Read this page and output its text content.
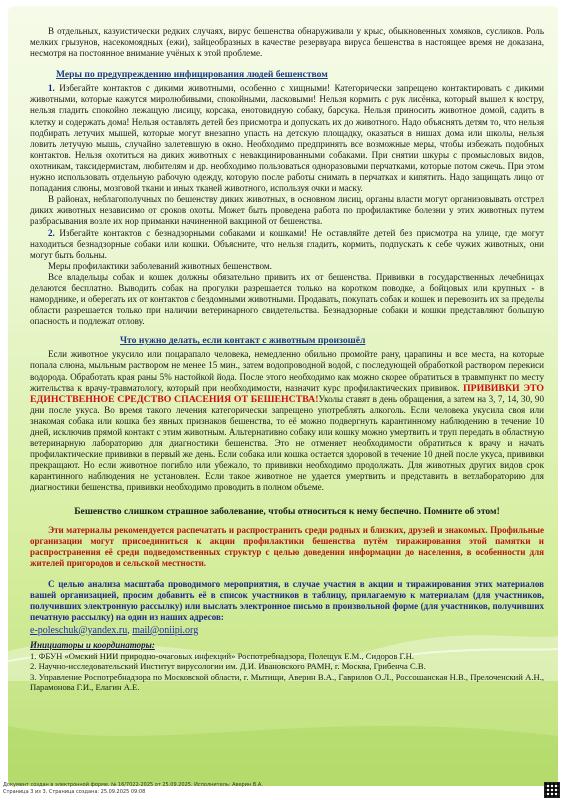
В отдельных, казуистически редких случаях, вирус бешенства обнаруживали у крыс, обыкновенных хомяков, сусликов. Роль мелких грызунов, насекомоядных (ежи), зайцеобразных в качестве резервуара вируса бешенства в настоящее время не доказана, несмотря на постоянное внимание учёных к этой проблеме.

Меры по предупреждению инфицирования людей бешенством

1. Избегайте контактов с дикими животными, особенно с хищными! Категорически запрещено контактировать с дикими животными, которые кажутся миролюбивыми, спокойными, ласковыми! Нельзя кормить с рук лисёнка, который вышел к костру, нельзя гладить спокойно лежащую лисицу, корсака, енотовидную собаку, барсука. Нельзя приносить животное домой, садить в клетку и содержать дома! Нельзя оставлять детей без присмотра и допускать их до животного. Надо объяснять детям то, что нельзя подбирать летучих мышей, которые могут внезапно упасть на детскую площадку, оказаться в нишах дома или школы, нельзя ловить летучую мышь, случайно залетевшую в окно. Необходимо предпринять все возможные меры, чтобы избежать подобных контактов. Нельзя охотиться на диких животных с невакцинированными собаками. При снятии шкуры с промысловых видов, охотникам, таксидермистам, любителям и др. необходимо пользоваться одноразовыми перчатками, которые потом сжечь. При этом нужно использовать отдельную рабочую одежду, которую после работы снимать в перчатках и кипятить. Надо защищать лицо от попадания слюны, мозговой ткани и иных тканей животного, используя очки и маску.

В районах, неблагополучных по бешенству диких животных, в основном лисиц, органы власти могут организовывать отстрел диких животных независимо от сроков охоты. Может быть проведена работа по профилактике болезни у этих животных путем разбрасывания возле их нор приманки начиненной вакциной от бешенства.

2. Избегайте контактов с безнадзорными собаками и кошками! Не оставляйте детей без присмотра на улице, где могут находиться безнадзорные собаки или кошки. Объясните, что нельзя гладить, кормить, подпускать к себе чужих животных, они могут быть больны.

Меры профилактики заболеваний животных бешенством.

Все владельцы собак и кошек должны обязательно привить их от бешенства. Прививки в государственных лечебницах делаются бесплатно. Выводить собак на прогулки разрешается только на коротком поводке, а бойцовых или крупных - в наморднике, и оберегать их от контактов с бездомными животными. Продавать, покупать собак и кошек и перевозить их за пределы области разрешается только при наличии ветеринарного свидетельства. Безнадзорные собаки и кошки представляют большую опасность и подлежат отлову.

Что нужно делать, если контакт с животным произошёл

Если животное укусило или поцарапало человека, немедленно обильно промойте рану, царапины и все места, на которые попала слюна, мыльным раствором не менее 15 мин., затем водопроводной водой, с последующей обработкой раствором перекиси водорода. Обработать края раны 5% настойкой йода. После этого необходимо как можно скорее обратиться в травмпункт по месту жительства к врачу-травматологу, который при необходимости, назначит курс профилактических прививок. ПРИВИВКИ ЭТО ЕДИНСТВЕННОЕ СРЕДСТВО СПАСЕНИЯ ОТ БЕШЕНСТВА!Уколы ставят в день обращения, а затем на 3, 7, 14, 30, 90 дни после укуса. Во время такого лечения категорически запрещено употреблять алкоголь. Если человека укусила своя или знакомая собака или кошка без явных признаков бешенства, то её можно подвергнуть карантинному наблюдению в течение 10 дней, исключив прямой контакт с этим животным. Альтернативно собаку или кошку можно умертвить и труп передать в областную ветеринарную лабораторию для диагностики бешенства. Это не отменяет необходимости обратиться к врачу и начать профилактические прививки в первый же день. Если собака или кошка остается здоровой в течение 10 дней после укуса, прививки прекращают. Но если животное погибло или убежало, то прививки необходимо продолжать. Для животных других видов срок карантинного наблюдения не установлен. Если такое животное не удается умертвить и представить в ветлабораторию для диагностики бешенства, прививки необходимо проводить в полном объеме.

Бешенство слишком страшное заболевание, чтобы относиться к нему беспечно. Помните об этом!

Эти материалы рекомендуется распечатать и распространить среди родных и близких, друзей и знакомых. Профильные организации могут присоединиться к акции профилактики бешенства путём тиражирования этой памятки и распространения её среди подведомственных структур с целью доведения информации до населения, в особенности для жителей пригородов и сельской местности.

С целью анализа масштаба проводимого мероприятия, в случае участия в акции и тиражирования этих материалов вашей организацией, просим добавить её в список участников в таблицу, прилагаемую к материалам (для участников, получивших электронную рассылку) или выслать электронное письмо в произвольной форме (для участников, получивших печатную рассылку) на один из наших адресов:

e-poleschuk@yandex.ru, mail@oniipi.org

Инициаторы и координаторы:

1. ФБУН «Омский НИИ природно-очаговых инфекций» Роспотребнадзора, Полещук Е.М., Сидоров Г.Н.

2. Научно-исследовательский Институт вирусологии им. Д.И. Ивановского РАМН, г. Москва, Грибенча С.В.

3. Управление Роспотребнадзора по Московской области, г. Мытищи, Аверин В.А., Гаврилов О.Л., Россошанская Н.В., Прелоченский А.Н., Парамонова Г.И., Елагин А.Е.

Документ создан в электронной форме. № 16/7022-2025 от 25.09.2025. Исполнитель: Аверин В.А.
Страница 3 из 3. Страница создана: 25.09.2025 09:08
